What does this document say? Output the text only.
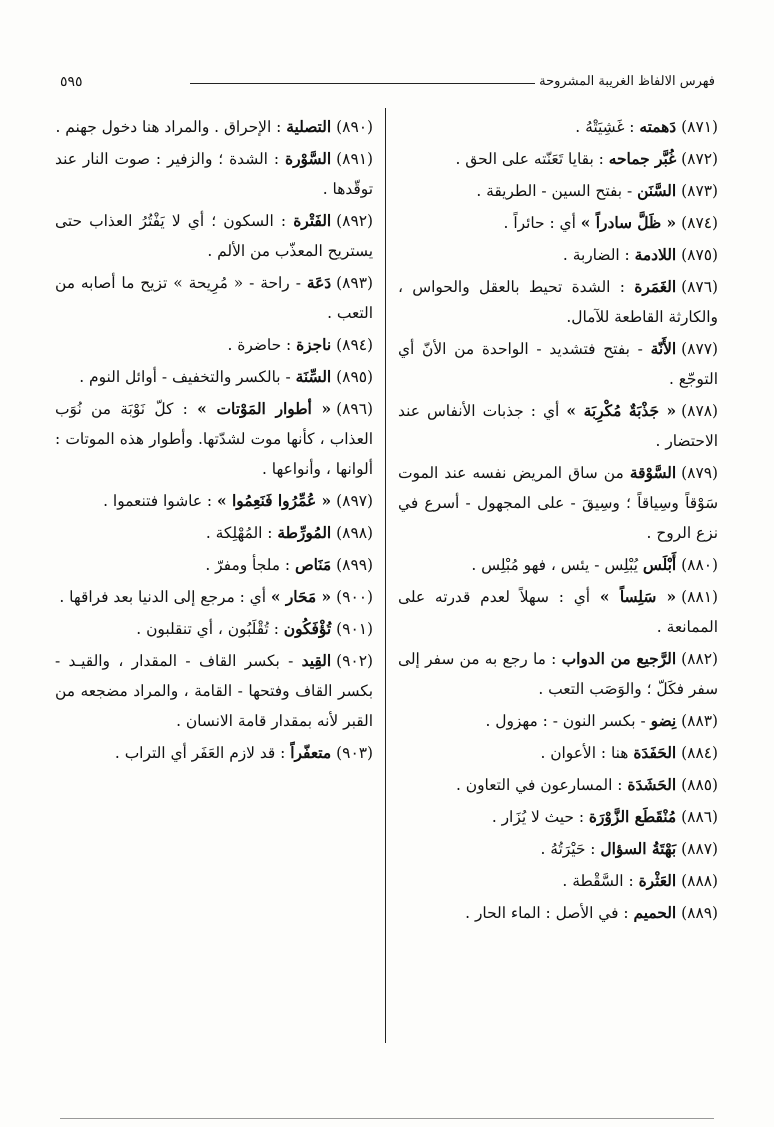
فهرس الالفاظ الغريبة المشروحة
٥٩٥
(٨٧١)دَهمته : غَشِيَتْهُ .
(٨٧٢)غُبَّر جماحه : بقايا تَعَنّته على الحق .
(٨٧٣)السَّنَن - بفتح السين - الطريقة .
(٨٧٤)« ظَلَّ سادراً » أي : حائراً .
(٨٧٥)اللادمة : الضاربة .
(٨٧٦)الغَمَرة : الشدة تحيط بالعقل والحواس ، والكارثة القاطعة للآمال.
(٨٧٧)الأَنّة - بفتح فتشديد - الواحدة من الأنّ أي التوجّع .
(٨٧٨)« جَذْبَةٌ مُكْرِبَة » أي : جذبات الأنفاس عند الاحتضار .
(٨٧٩)السَّوْقة من ساق المريض نفسه عند الموت سَوْقاً وسِياقاً ؛ وسِيقَ - على المجهول - أسرع في نزع الروح .
(٨٨٠)أَبْلَس يُبْلِس - يئس ، فهو مُبْلِس .
(٨٨١)« سَلِساً » أي : سهلاً لعدم قدرته على الممانعة .
(٨٨٢)الرَّجيع من الدواب : ما رجع به من سفر إلى سفر فكَلّ ؛ والوَصَب التعب .
(٨٨٣)نِضو - بكسر النون - : مهزول .
(٨٨٤)الحَفَدَة هنا : الأعوان .
(٨٨٥)الحَشَدَة : المسارعون في التعاون .
(٨٨٦)مُنْقَطَع الزَّوْرَة : حيث لا يُزَار .
(٨٨٧)بَهْتَةُ السؤال : حَيْرَتُهُ .
(٨٨٨)العَثْرة : السَّقْطة .
(٨٨٩)الحميم : في الأصل : الماء الحار .
(٨٩٠)التصلية : الإحراق . والمراد هنا دخول جهنم .
(٨٩١)السَّوْرة : الشدة ؛ والزفير : صوت النار عند توقّدها .
(٨٩٢)الفَتْرة : السكون ؛ أي لا يَفْتُرُ العذاب حتى يستريح المعذّب من الألم .
(٨٩٣)دَعَة - راحة - « مُرِيحة » تزيح ما أصابه من التعب .
(٨٩٤)ناجزة : حاضرة .
(٨٩٥)السِّنَة - بالكسر والتخفيف - أوائل النوم .
(٨٩٦)« أطوار المَوْتات » : كلّ نَوْبَة من نُوَب العذاب ، كأنها موت لشدّتها. وأطوار هذه الموتات : ألوانها ، وأنواعها .
(٨٩٧)« عُمِّرُوا فَنَعِمُوا » : عاشوا فتنعموا .
(٨٩٨)المُورِّطة : المُهْلِكة .
(٨٩٩)مَنَاص : ملجأ ومفرّ .
(٩٠٠)« مَحَار » أي : مرجع إلى الدنيا بعد فراقها .
(٩٠١)تُؤْفَكُون : تُقْلَبُون ، أي تنقلبون .
(٩٠٢)القِيد - بكسر القاف - المقدار ، والقيـد - بكسر القاف وفتحها - القامة ، والمراد مضجعه من القبر لأنه بمقدار قامة الانسان .
(٩٠٣)متعفّراً : قد لازم العَفَر أي التراب .
